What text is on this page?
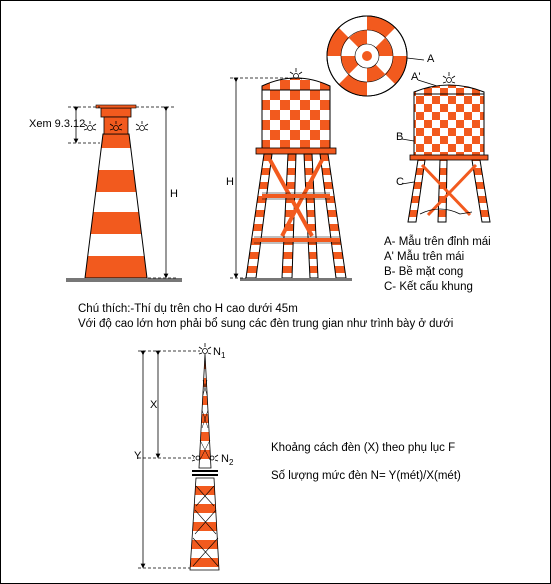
Xem 9.3.12
H
H
A
A'
B
C
A- Mẫu trên đỉnh mái
A' Mẫu trên mái
B- Bề mặt cong
C- Kết cấu khung
Chú thích:-Thí dụ trên cho H cao dưới 45m
Với độ cao lớn hơn phải bổ sung các đèn trung gian như trình bày ở dưới
X
Y
$N_1$
$N_2$
Khoảng cách đèn (X) theo phụ lục F
Số lượng mức đèn N= Y(mét)/X(mét)
